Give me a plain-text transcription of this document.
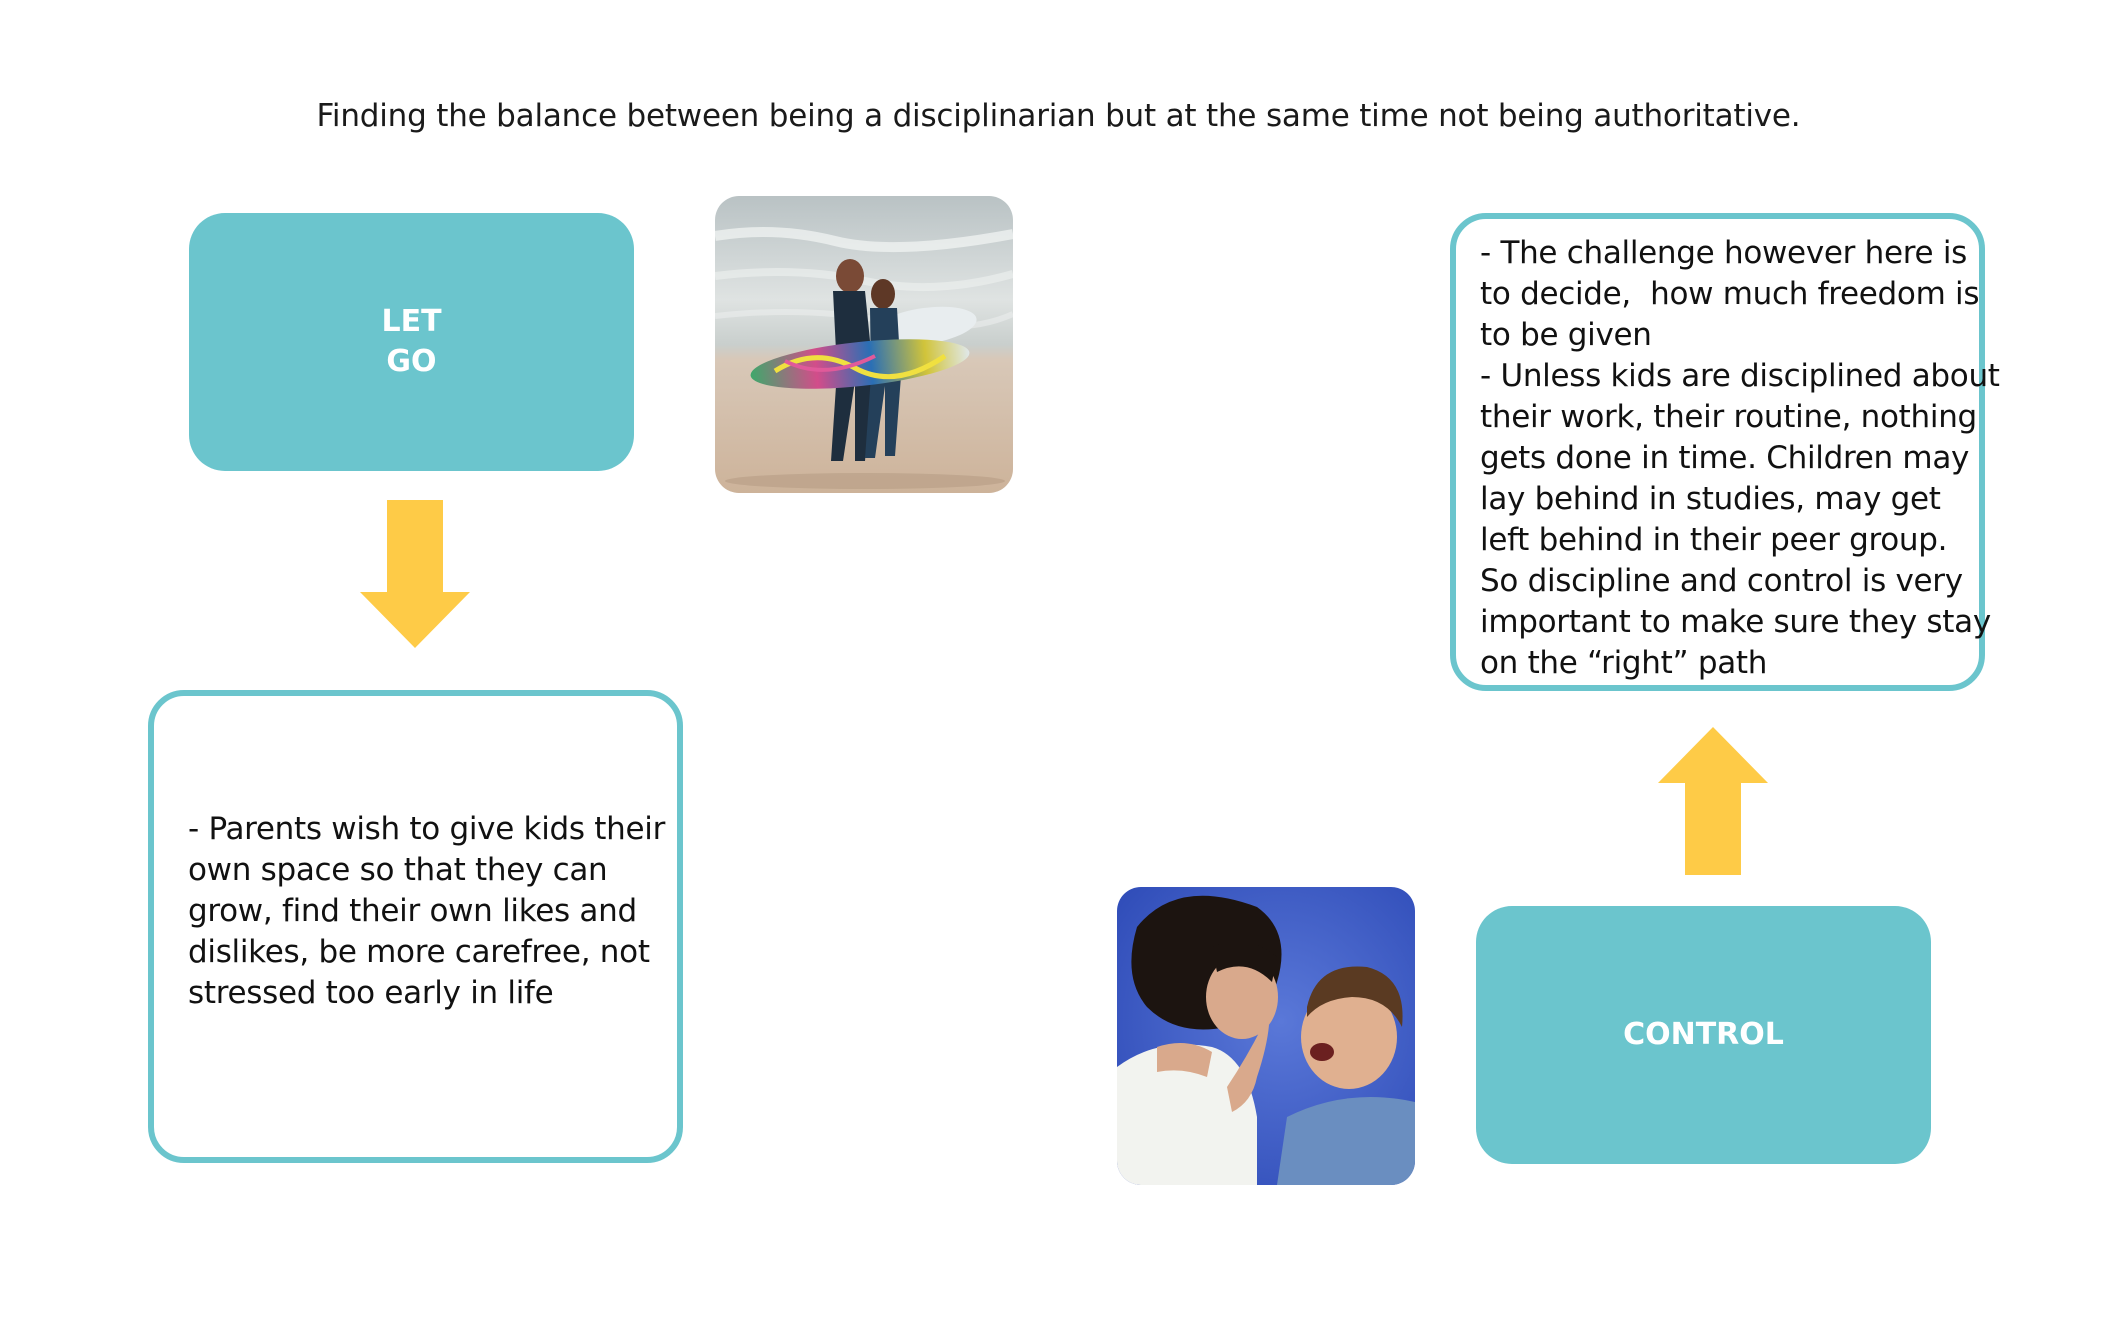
Finding the balance between being a disciplinarian but at the same time not being authoritative.
LET
GO
- Parents wish to give kids their
own space so that they can
grow, find their own likes and
dislikes, be more carefree, not
stressed too early in life
- The challenge however here is
to decide,  how much freedom is
to be given
- Unless kids are disciplined about
their work, their routine, nothing
gets done in time. Children may
lay behind in studies, may get
left behind in their peer group.
So discipline and control is very
important to make sure they stay
on the “right” path
CONTROL
